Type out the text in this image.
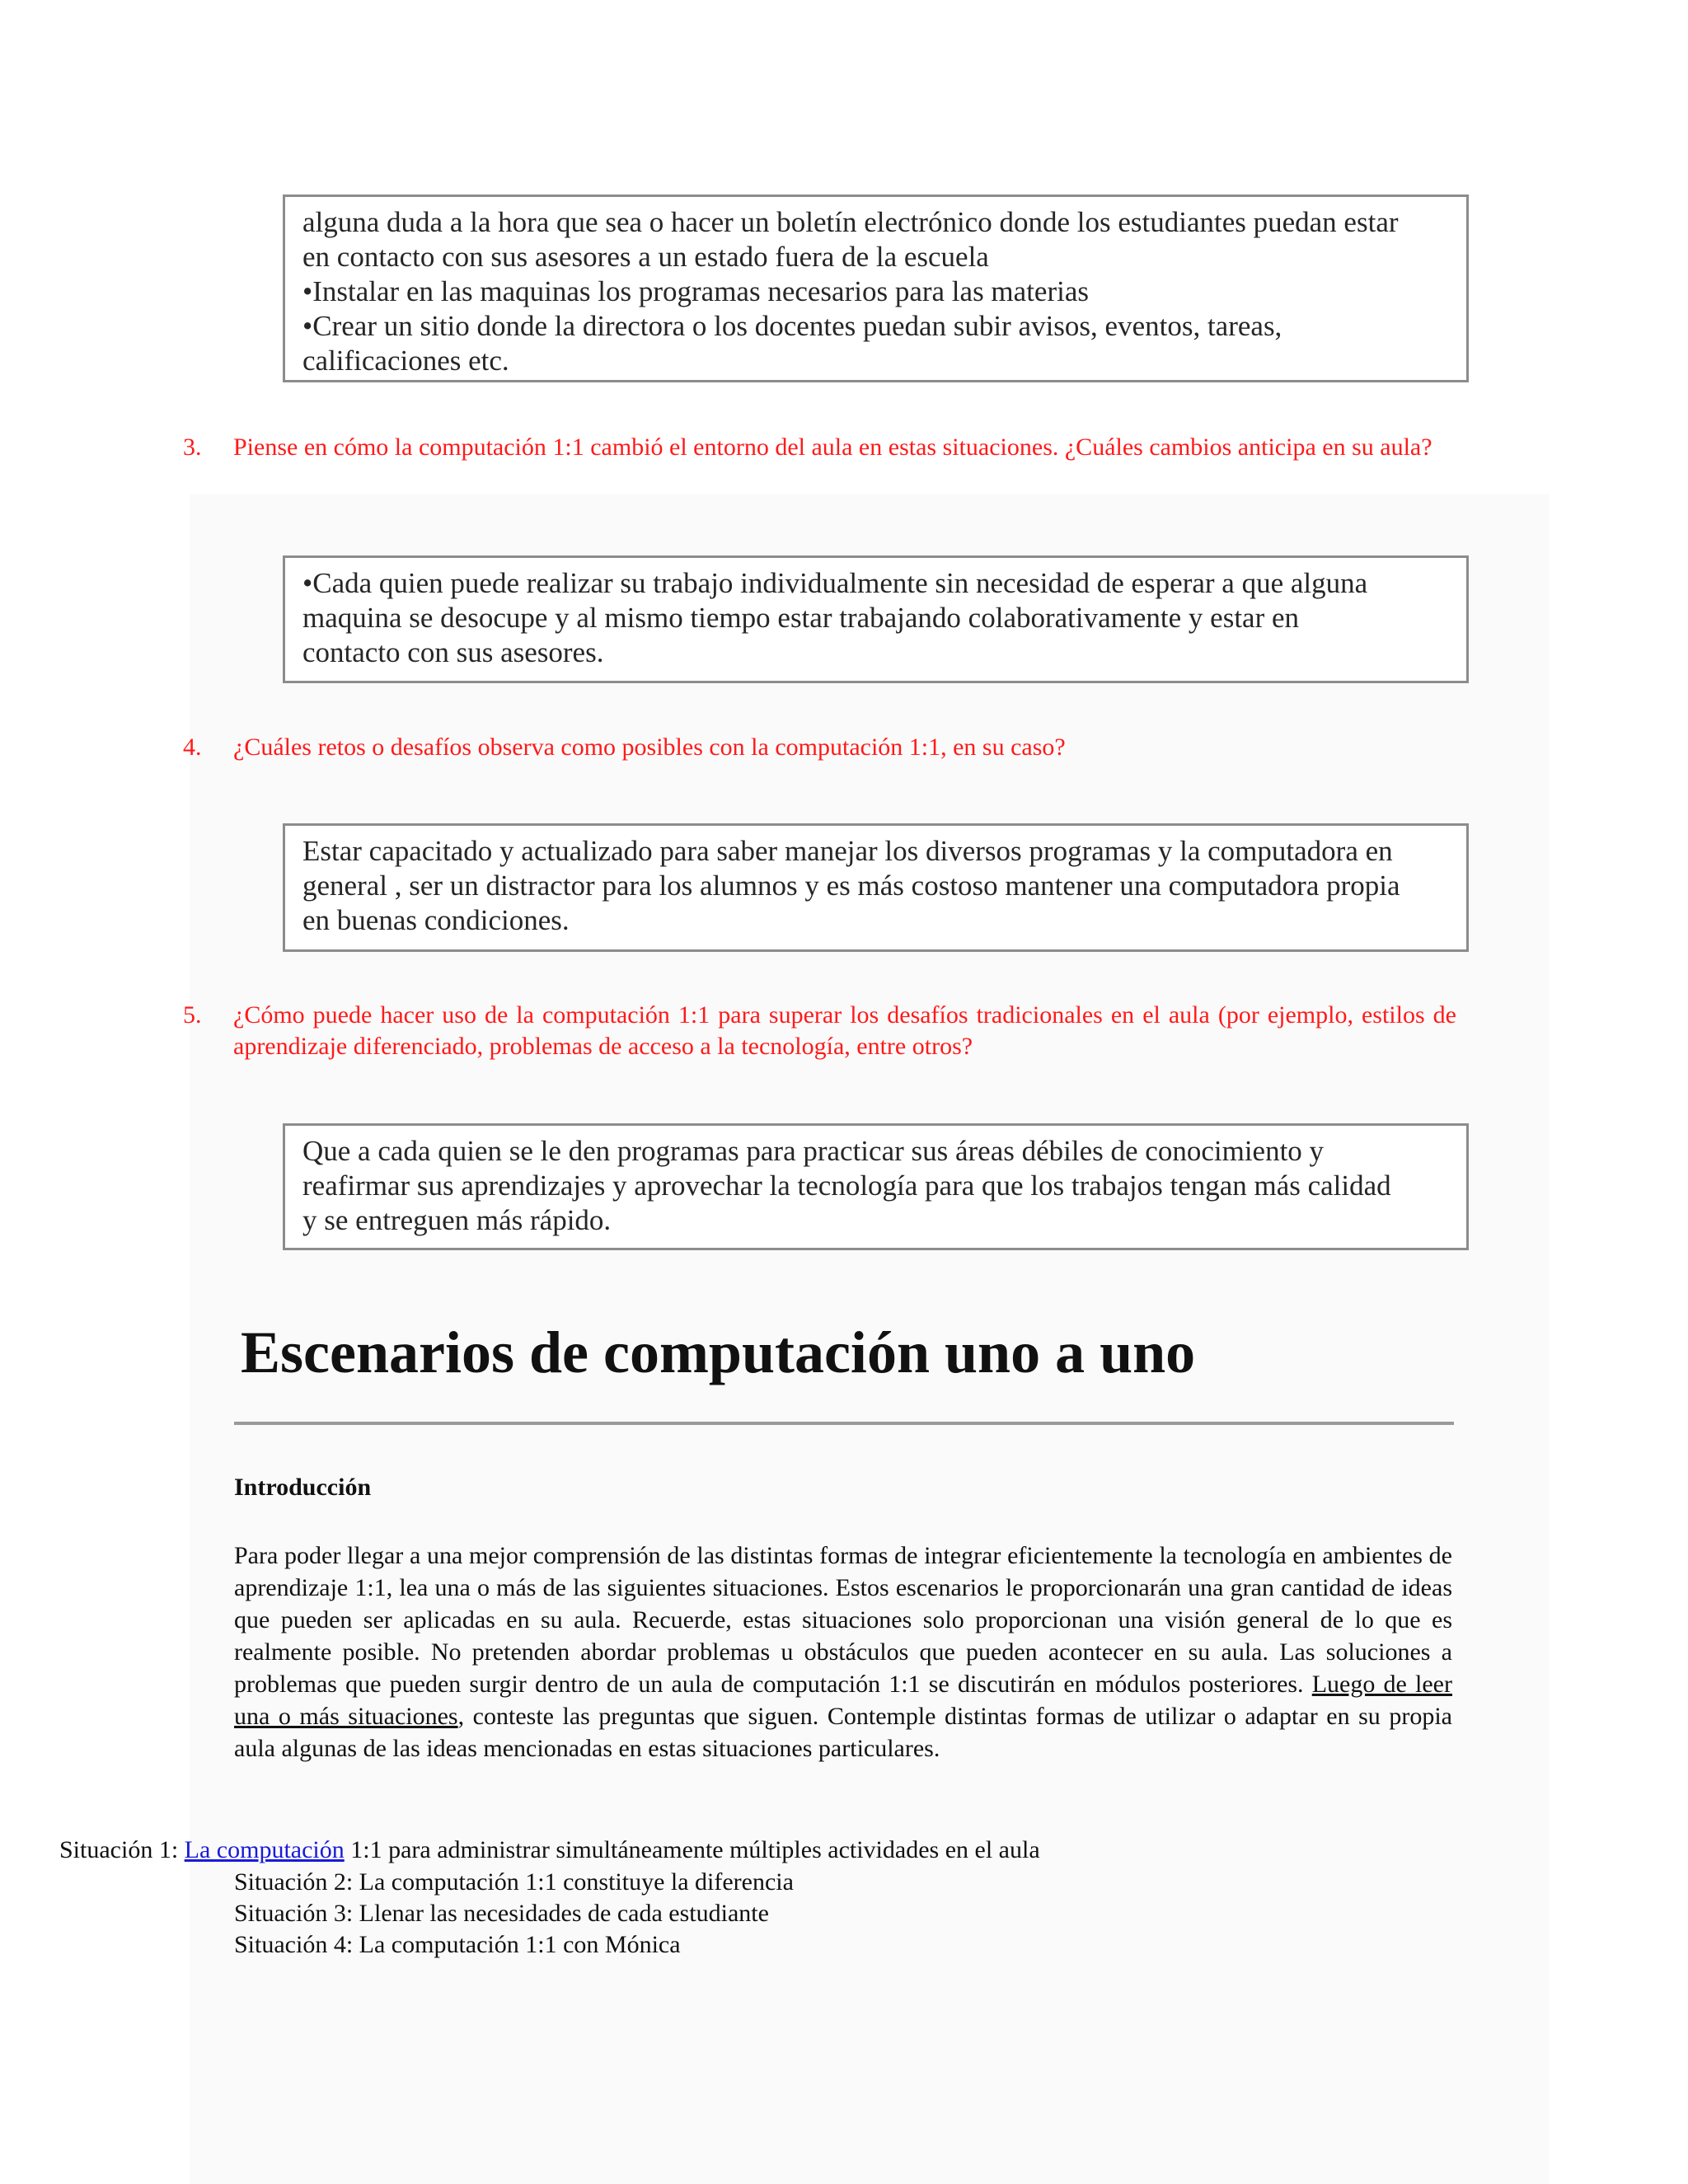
alguna duda a la hora que sea o hacer un boletín electrónico donde los estudiantes puedan estar

en contacto con sus asesores a un estado fuera de la escuela

•Instalar en las maquinas los programas necesarios para las materias

•Crear un sitio donde la directora o los docentes puedan subir avisos, eventos, tareas,

calificaciones etc.

3.	Piense en cómo la computación 1:1 cambió el entorno del aula en estas situaciones. ¿Cuáles cambios anticipa en su aula?

•Cada quien puede realizar su trabajo individualmente sin necesidad de esperar a que alguna

maquina se desocupe y al mismo tiempo estar trabajando colaborativamente y estar en

contacto con sus asesores.

4.	¿Cuáles retos o desafíos observa como posibles con la computación 1:1, en su caso?

Estar capacitado y actualizado para saber manejar los diversos programas y la computadora en

general , ser un distractor para los alumnos y es más costoso mantener una computadora propia

en buenas condiciones.

5.	¿Cómo puede hacer uso de la computación 1:1 para superar los desafíos tradicionales en el aula (por ejemplo, estilos de aprendizaje diferenciado, problemas de acceso a la tecnología, entre otros?

Que a cada quien se le den programas para practicar sus áreas débiles de conocimiento y

reafirmar sus aprendizajes y aprovechar la tecnología para que los trabajos tengan más calidad

y se entreguen más rápido.

Escenarios de computación uno a uno
Introducción

Para poder llegar a una mejor comprensión de las distintas formas de integrar eficientemente la tecnología en ambientes de aprendizaje 1:1, lea una o más de las siguientes situaciones. Estos escenarios le proporcionarán una gran cantidad de ideas que pueden ser aplicadas en su aula. Recuerde, estas situaciones solo proporcionan una visión general de lo que es realmente posible. No pretenden abordar problemas u obstáculos que pueden acontecer en su aula. Las soluciones a problemas que pueden surgir dentro de un aula de computación 1:1 se discutirán en módulos posteriores. Luego de leer una o más situaciones, conteste las preguntas que siguen. Contemple distintas formas de utilizar o adaptar en su propia aula algunas de las ideas mencionadas en estas situaciones particulares.

Situación 1: La computación 1:1 para administrar simultáneamente múltiples actividades en el aula
Situación 2: La computación 1:1 constituye la diferencia
Situación 3: Llenar las necesidades de cada estudiante
Situación 4: La computación 1:1 con Mónica
